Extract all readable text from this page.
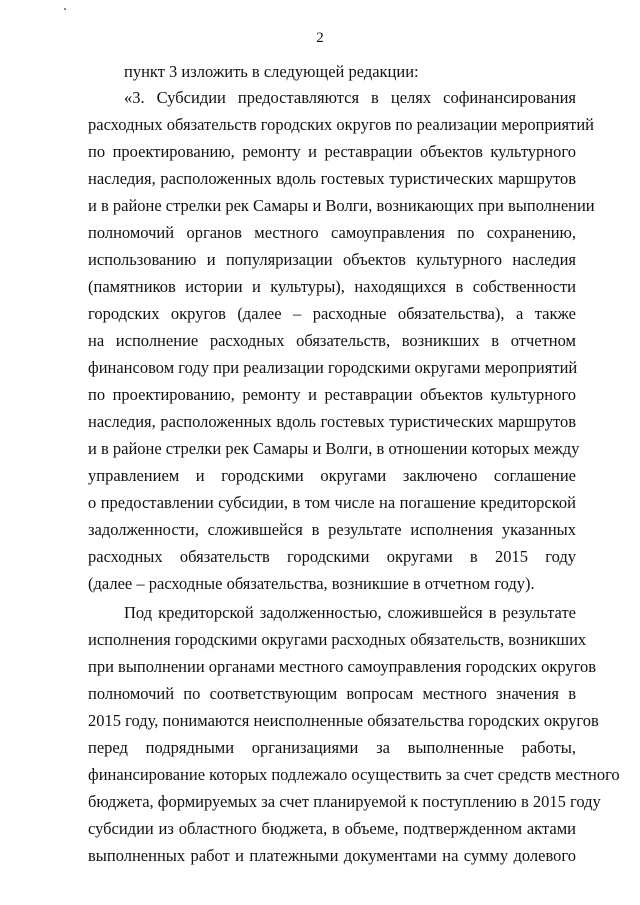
2
пункт 3 изложить в следующей редакции:
«3. Субсидии предоставляются в целях софинансирования
расходных обязательств городских округов по реализации мероприятий
по проектированию, ремонту и реставрации объектов культурного
наследия, расположенных вдоль гостевых туристических маршрутов
и в районе стрелки рек Самары и Волги, возникающих при выполнении
полномочий органов местного самоуправления по сохранению,
использованию и популяризации объектов культурного наследия
(памятников истории и культуры), находящихся в собственности
городских округов (далее – расходные обязательства), а также
на исполнение расходных обязательств, возникших в отчетном
финансовом году при реализации городскими округами мероприятий
по проектированию, ремонту и реставрации объектов культурного
наследия, расположенных вдоль гостевых туристических маршрутов
и в районе стрелки рек Самары и Волги, в отношении которых между
управлением и городскими округами заключено соглашение
о предоставлении субсидии, в том числе на погашение кредиторской
задолженности, сложившейся в результате исполнения указанных
расходных обязательств городскими округами в 2015 году
(далее – расходные обязательства, возникшие в отчетном году).
Под кредиторской задолженностью, сложившейся в результате
исполнения городскими округами расходных обязательств, возникших
при выполнении органами местного самоуправления городских округов
полномочий по соответствующим вопросам местного значения в
2015 году, понимаются неисполненные обязательства городских округов
перед подрядными организациями за выполненные работы,
финансирование которых подлежало осуществить за счет средств местного
бюджета, формируемых за счет планируемой к поступлению в 2015 году
субсидии из областного бюджета, в объеме, подтвержденном актами
выполненных работ и платежными документами на сумму долевого
